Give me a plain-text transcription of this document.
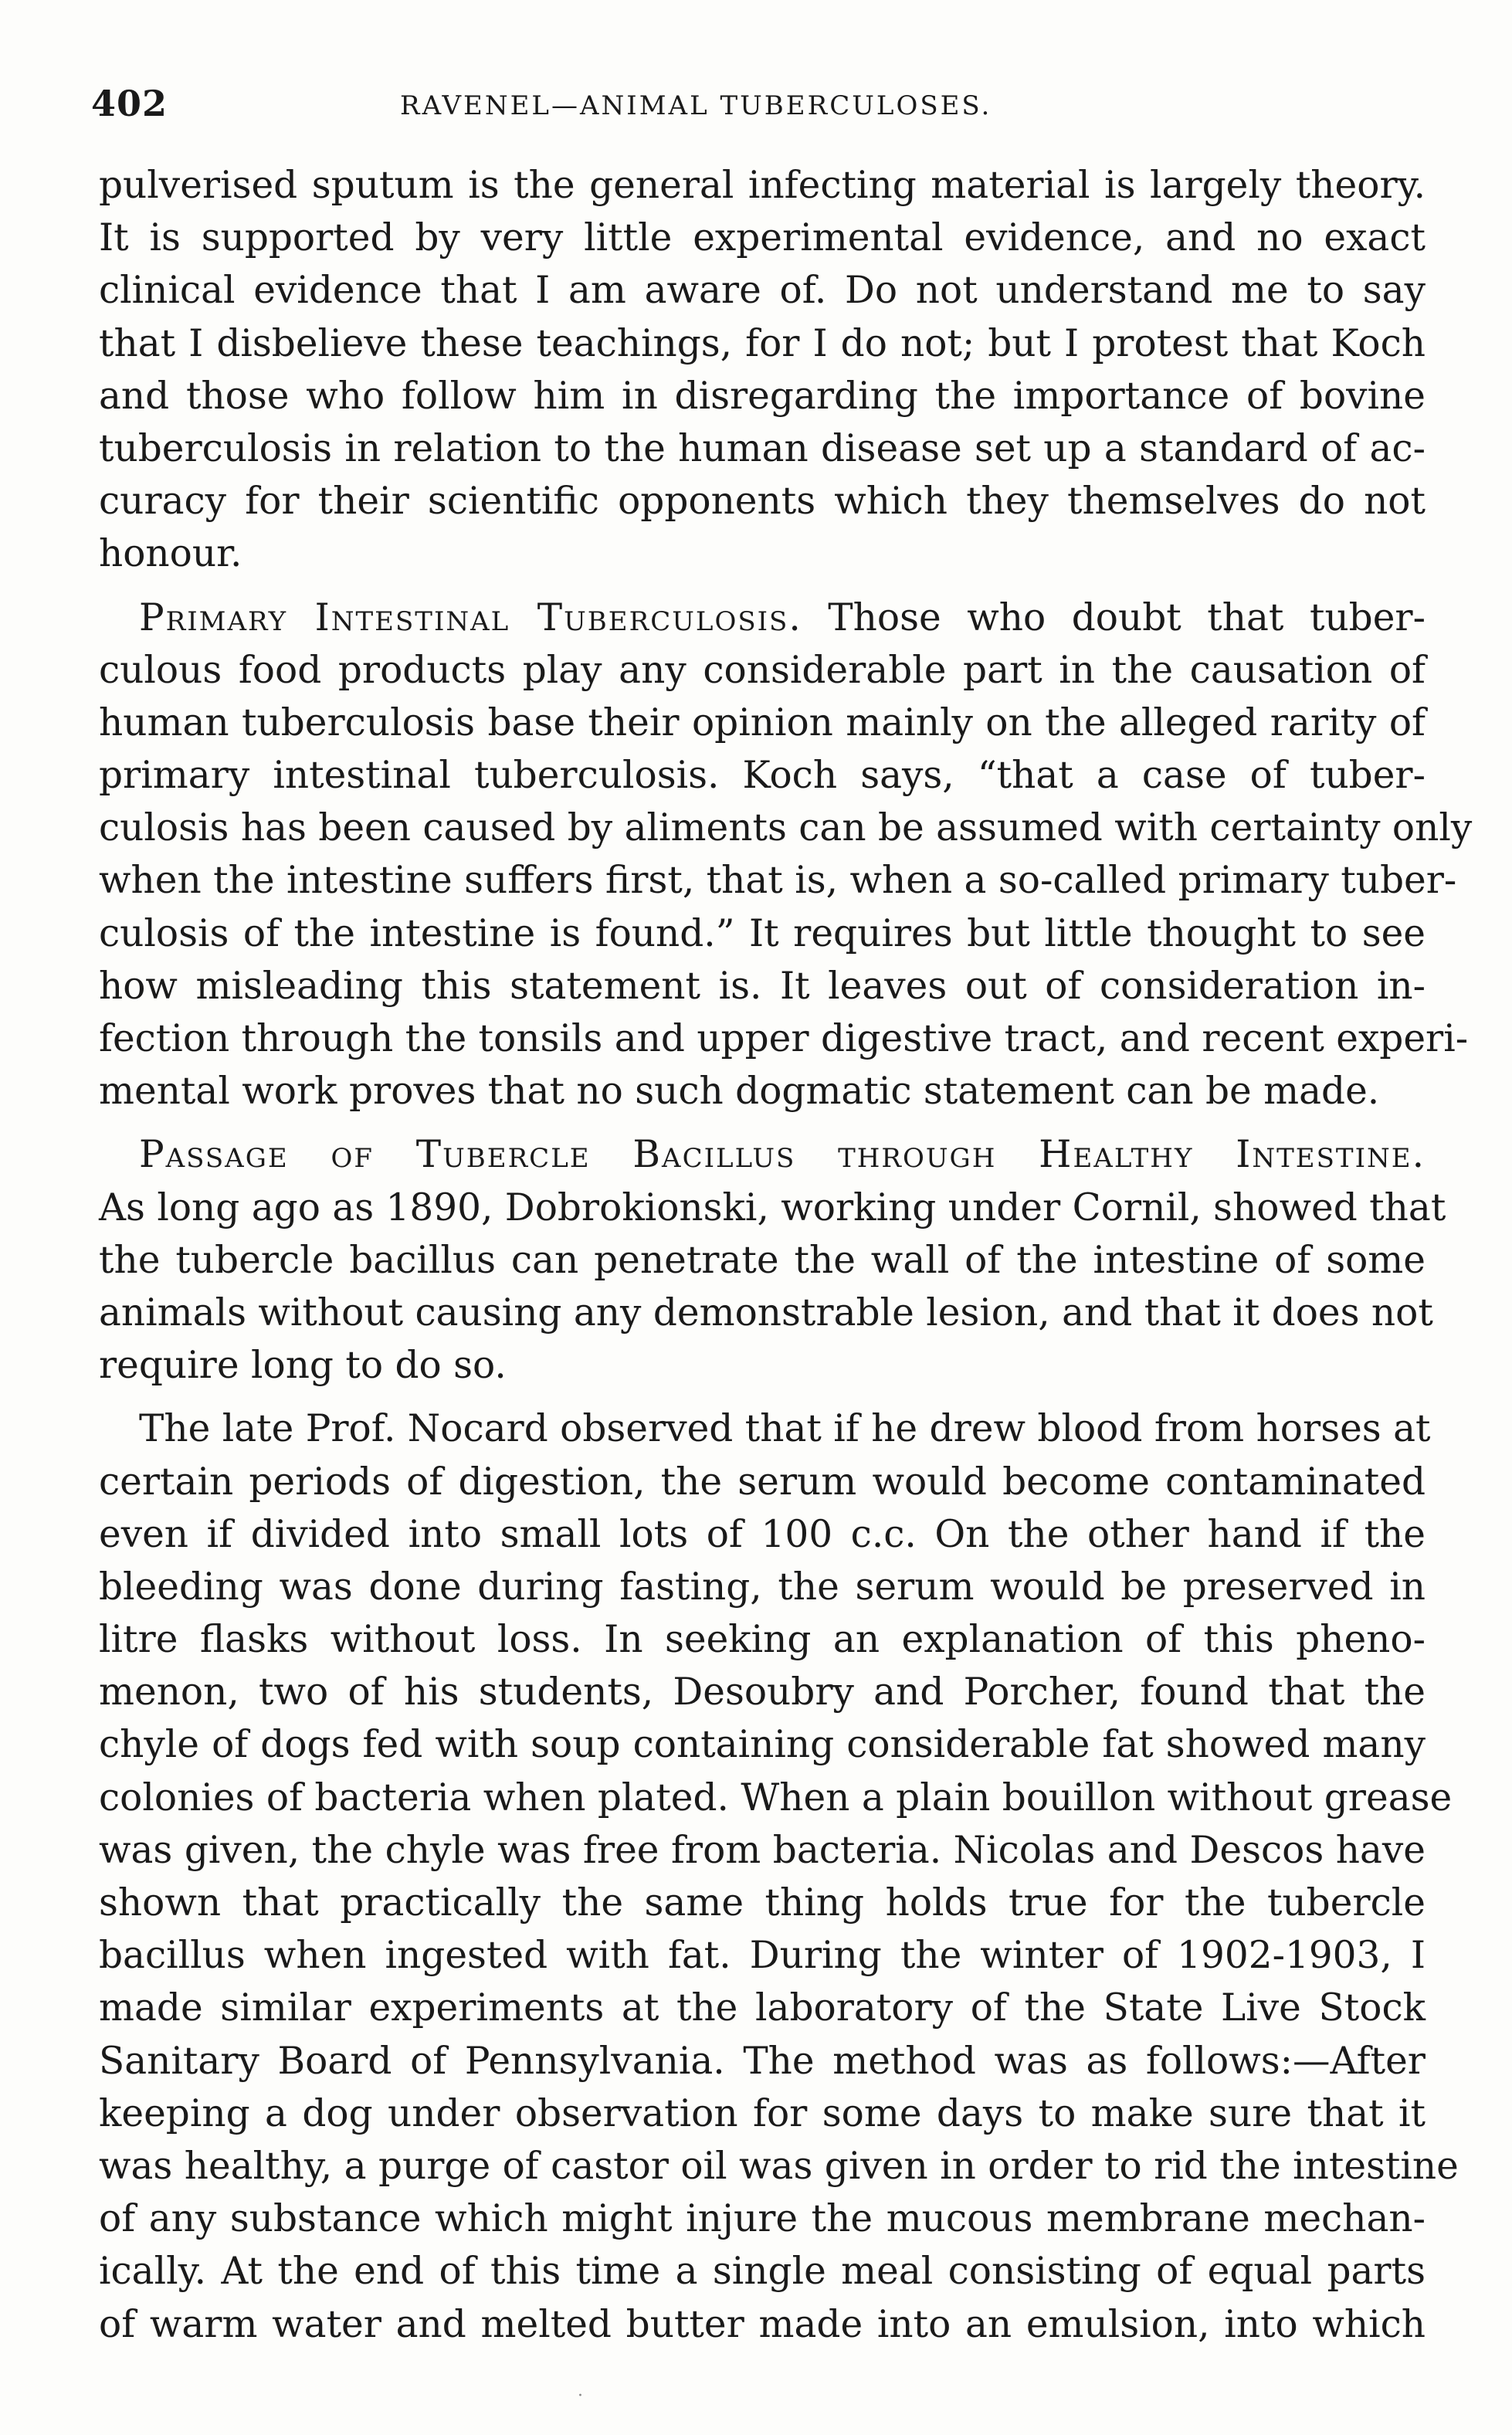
402	RAVENEL—ANIMAL TUBERCULOSES.
pulverised sputum is the general infecting material is largely theory.
It is supported by very little experimental evidence, and no exact
clinical evidence that I am aware of. Do not understand me to say
that I disbelieve these teachings, for I do not; but I protest that Koch
and those who follow him in disregarding the importance of bovine
tuberculosis in relation to the human disease set up a standard of ac-
curacy for their scientific opponents which they themselves do not
honour.
Primary Intestinal Tuberculosis. Those who doubt that tuber-
culous food products play any considerable part in the causation of
human tuberculosis base their opinion mainly on the alleged rarity of
primary intestinal tuberculosis. Koch says, “that a case of tuber-
culosis has been caused by aliments can be assumed with certainty only
when the intestine suffers first, that is, when a so-called primary tuber-
culosis of the intestine is found.” It requires but little thought to see
how misleading this statement is. It leaves out of consideration in-
fection through the tonsils and upper digestive tract, and recent experi-
mental work proves that no such dogmatic statement can be made.
Passage of Tubercle Bacillus through Healthy Intestine.
As long ago as 1890, Dobrokionski, working under Cornil, showed that
the tubercle bacillus can penetrate the wall of the intestine of some
animals without causing any demonstrable lesion, and that it does not
require long to do so.
The late Prof. Nocard observed that if he drew blood from horses at
certain periods of digestion, the serum would become contaminated
even if divided into small lots of 100 c.c. On the other hand if the
bleeding was done during fasting, the serum would be preserved in
litre flasks without loss. In seeking an explanation of this pheno-
menon, two of his students, Desoubry and Porcher, found that the
chyle of dogs fed with soup containing considerable fat showed many
colonies of bacteria when plated. When a plain bouillon without grease
was given, the chyle was free from bacteria. Nicolas and Descos have
shown that practically the same thing holds true for the tubercle
bacillus when ingested with fat. During the winter of 1902-1903, I
made similar experiments at the laboratory of the State Live Stock
Sanitary Board of Pennsylvania. The method was as follows:—After
keeping a dog under observation for some days to make sure that it
was healthy, a purge of castor oil was given in order to rid the intestine
of any substance which might injure the mucous membrane mechan-
ically. At the end of this time a single meal consisting of equal parts
of warm water and melted butter made into an emulsion, into which
·
